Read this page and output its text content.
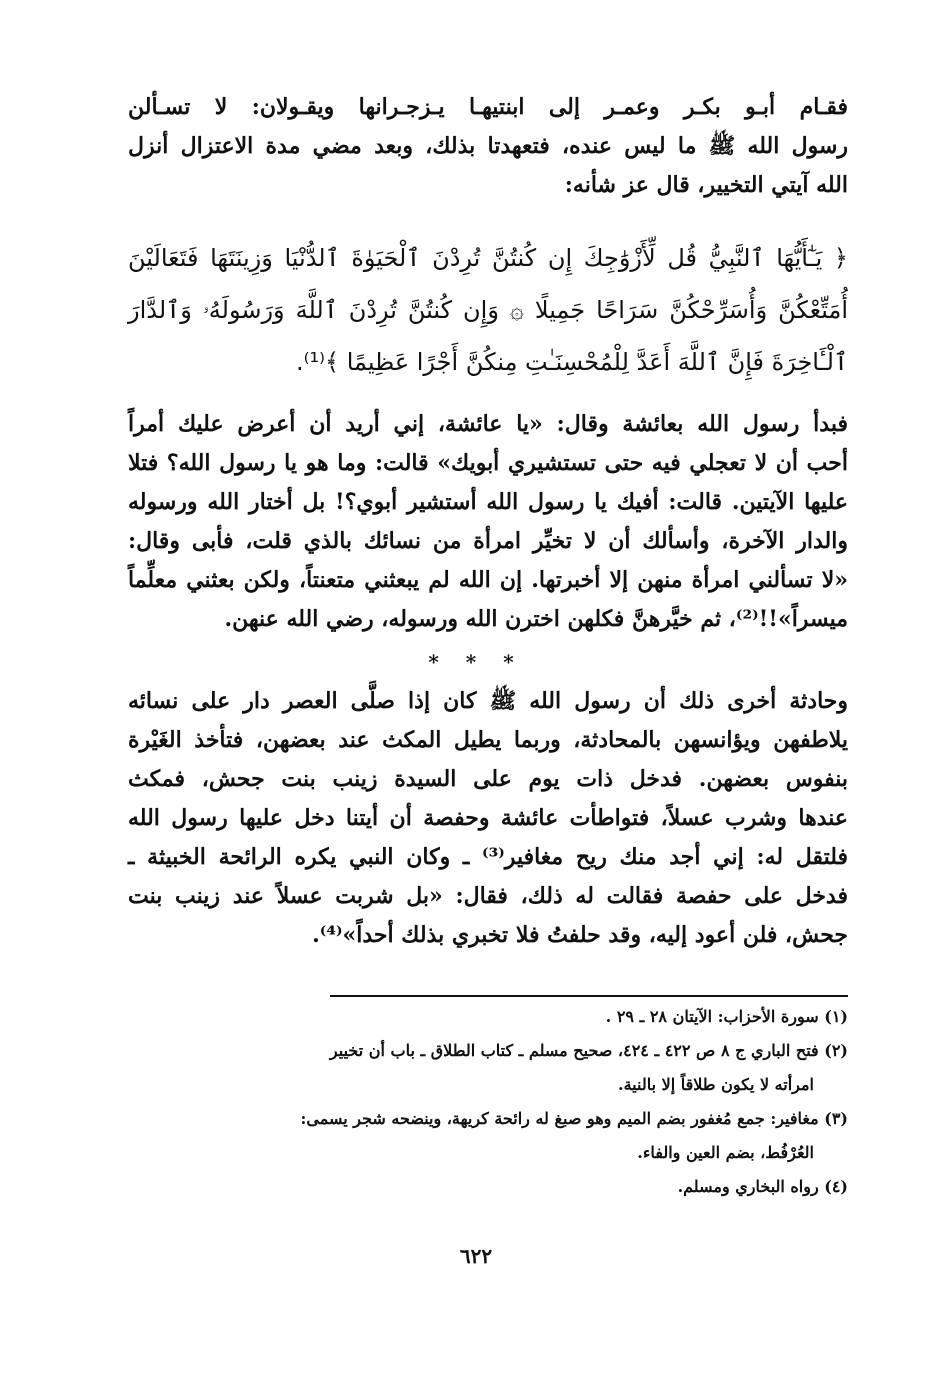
فقـام أبـو بكـر وعمـر إلى ابنتيهـا يـزجـرانها ويقـولان: لا تسـألن
رسول الله ﷺ ما ليس عنده، فتعهدتا بذلك، وبعد مضي مدة الاعتزال أنزل
الله آيتي التخيير، قال عز شأنه:
﴿ يَـٰٓأَيُّهَا ٱلنَّبِيُّ قُل لِّأَزْوَٰجِكَ إِن كُنتُنَّ تُرِدْنَ ٱلْحَيَوٰةَ ٱلدُّنْيَا وَزِينَتَهَا فَتَعَالَيْنَ
أُمَتِّعْكُنَّ وَأُسَرِّحْكُنَّ سَرَاحًا جَمِيلًا ۞ وَإِن كُنتُنَّ تُرِدْنَ ٱللَّهَ وَرَسُولَهُۥ وَٱلدَّارَ
ٱلْـَٔاخِرَةَ فَإِنَّ ٱللَّهَ أَعَدَّ لِلْمُحْسِنَـٰتِ مِنكُنَّ أَجْرًا عَظِيمًا ﴾⁽¹⁾.
فبدأ رسول الله بعائشة وقال: «يا عائشة، إني أريد أن أعرض عليك أمراً
أحب أن لا تعجلي فيه حتى تستشيري أبويك» قالت: وما هو يا رسول الله؟ فتلا
عليها الآيتين. قالت: أفيك يا رسول الله أستشير أبوي؟! بل أختار الله ورسوله
والدار الآخرة، وأسألك أن لا تخيِّر امرأة من نسائك بالذي قلت، فأبى وقال:
«لا تسألني امرأة منهن إلا أخبرتها. إن الله لم يبعثني متعنتاً، ولكن بعثني معلِّماً
ميسراً»!!⁽²⁾، ثم خيَّرهنَّ فكلهن اخترن الله ورسوله، رضي الله عنهن.
* * *
وحادثة أخرى ذلك أن رسول الله ﷺ كان إذا صلَّى العصر دار على نسائه
يلاطفهن ويؤانسهن بالمحادثة، وربما يطيل المكث عند بعضهن، فتأخذ الغَيْرة
بنفوس بعضهن. فدخل ذات يوم على السيدة زينب بنت جحش، فمكث
عندها وشرب عسلاً، فتواطأت عائشة وحفصة أن أيتنا دخل عليها رسول الله
فلتقل له: إني أجد منك ريح مغافير⁽³⁾ ـ وكان النبي يكره الرائحة الخبيثة ـ
فدخل على حفصة فقالت له ذلك، فقال: «بل شربت عسلاً عند زينب بنت
جحش، فلن أعود إليه، وقد حلفتُ فلا تخبري بذلك أحداً»⁽⁴⁾.
(١) سورة الأحزاب: الآيتان ٢٨ ـ ٢٩ .
(٢) فتح الباري ج ٨ ص ٤٢٢ ـ ٤٢٤، صحيح مسلم ـ كتاب الطلاق ـ باب أن تخيير
امرأته لا يكون طلاقاً إلا بالنية.
(٣) مغافير: جمع مُغفور بضم الميم وهو صبغ له رائحة كريهة، وينضحه شجر يسمى:
العُرْفُط، بضم العين والفاء.
(٤) رواه البخاري ومسلم.
٦٢٢
